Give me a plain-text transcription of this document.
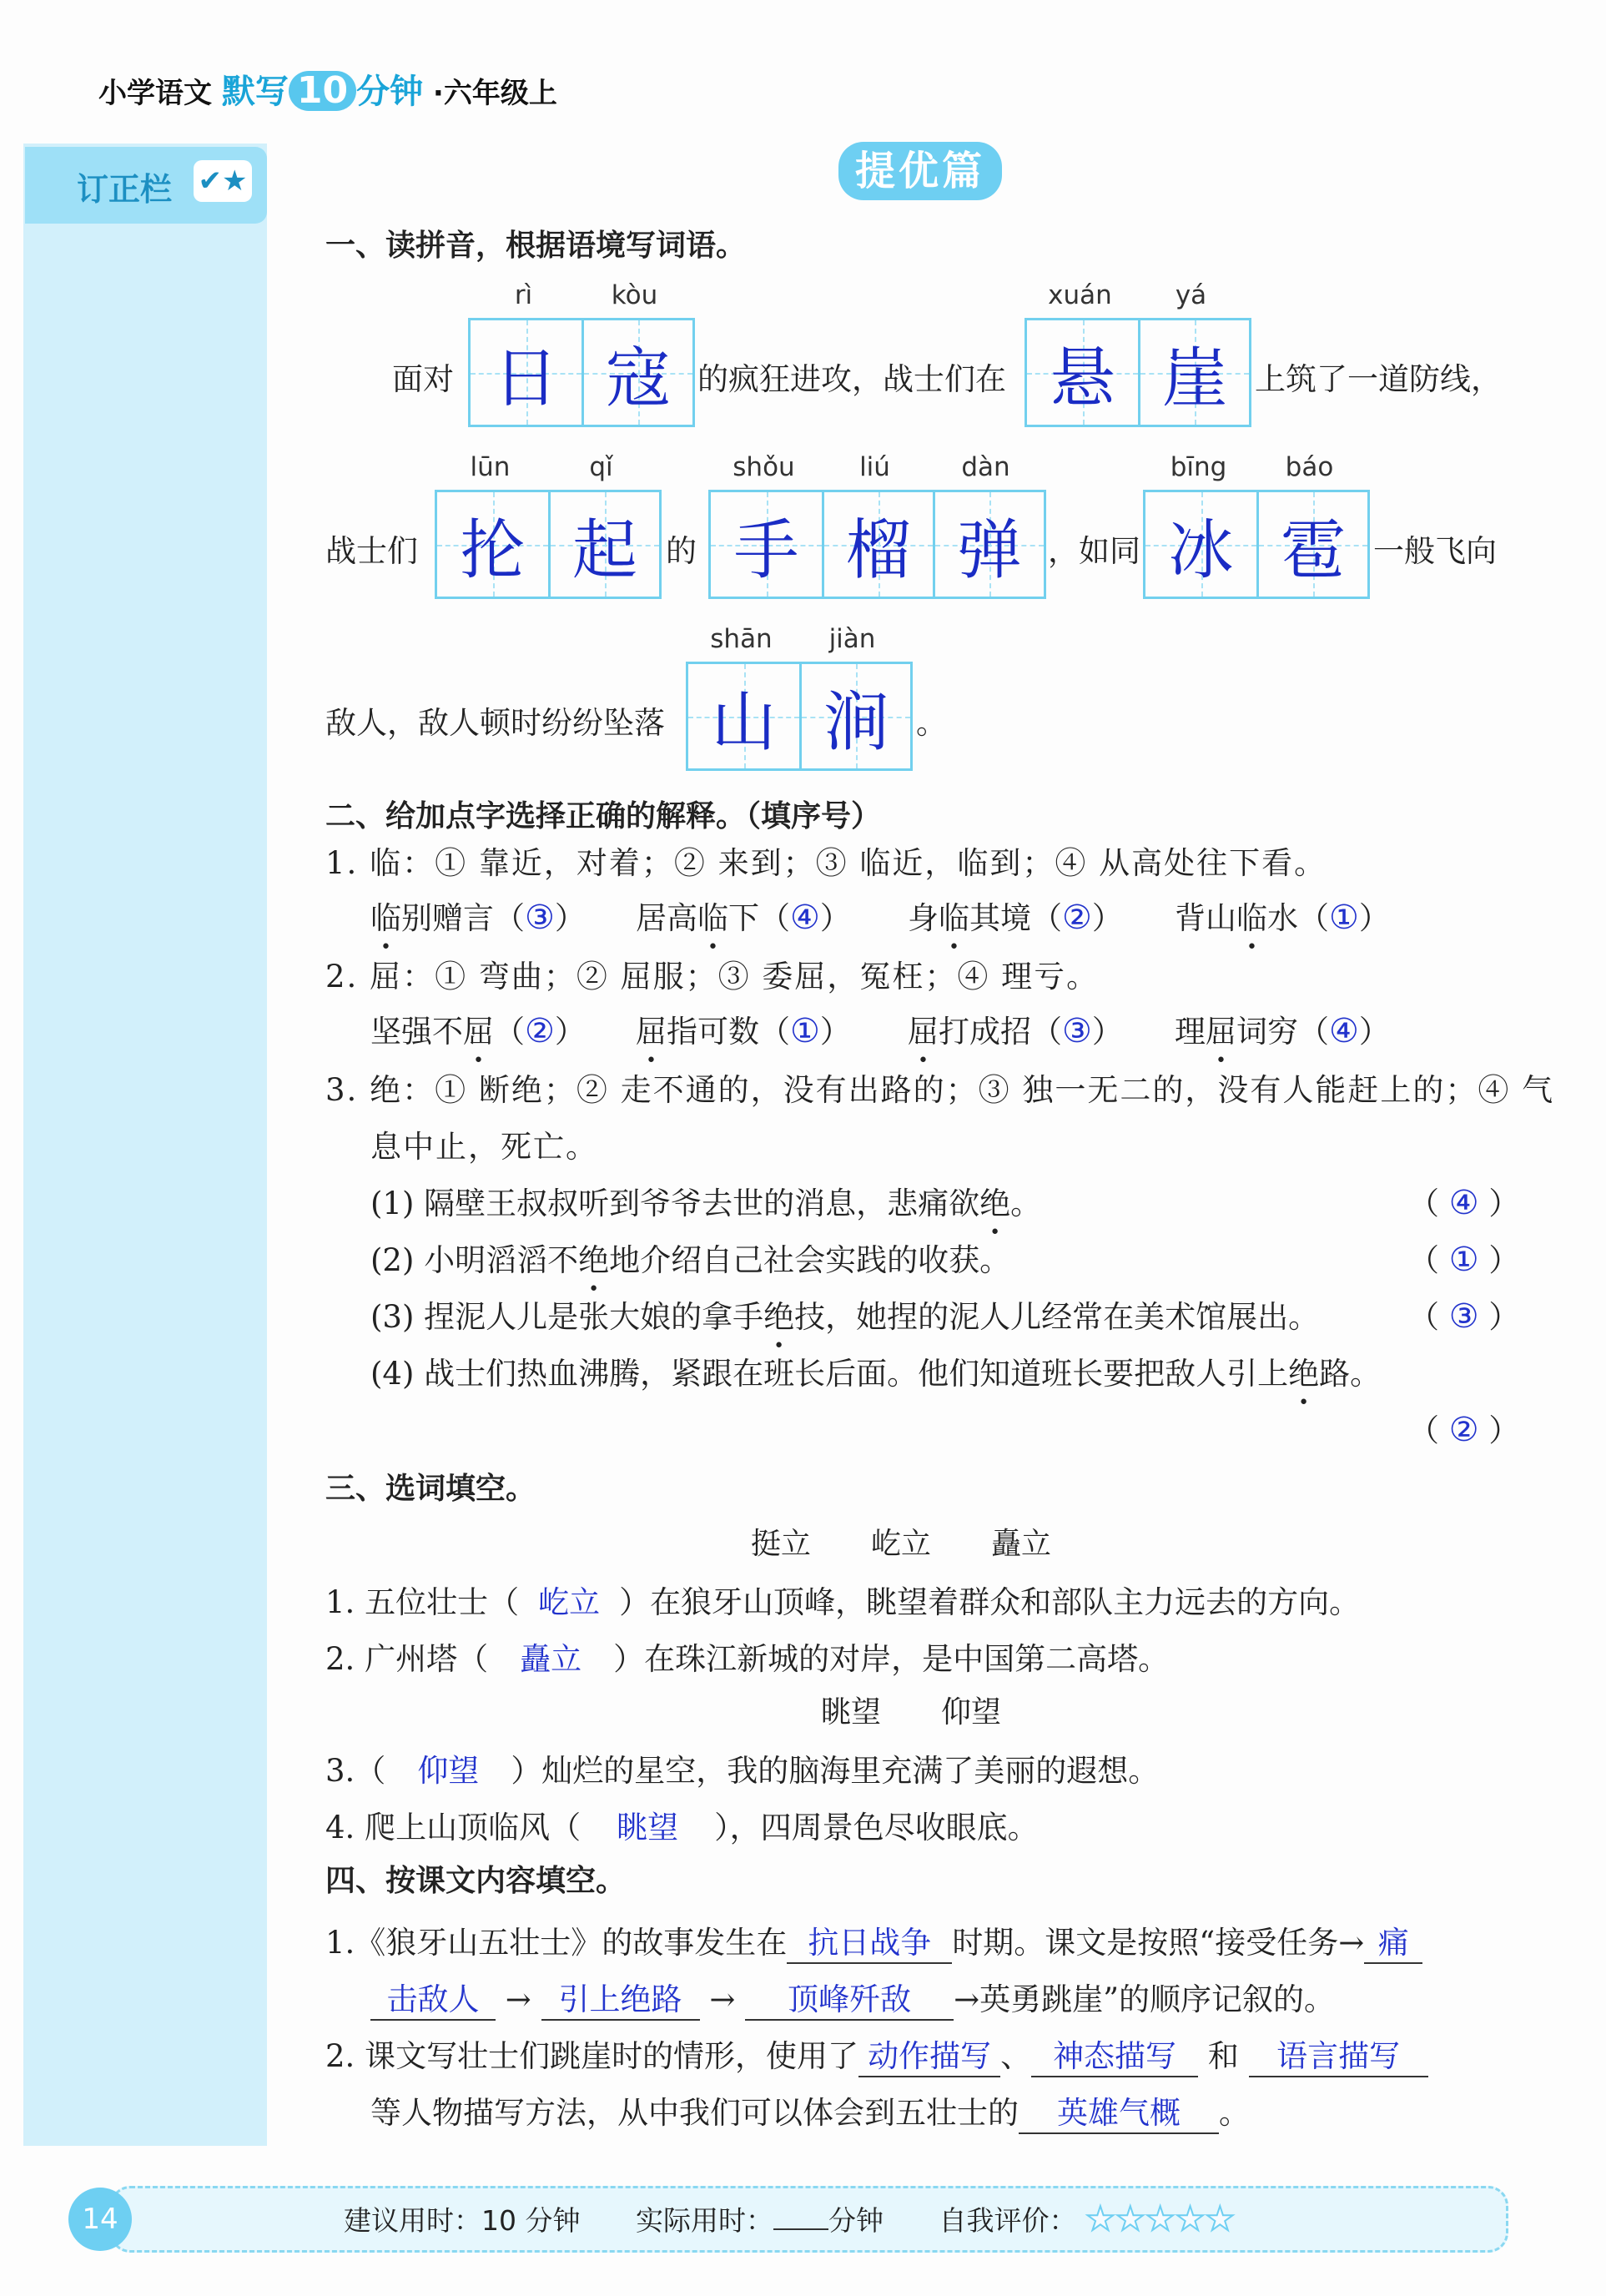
小学语文 默写 10 分钟 ·六年级上
订正栏 ✔★	提优篇
一、读拼音，根据语境写词语。
rì	kòu
面对 日 寇 的疯狂进攻，战士们在
xuán	yá
悬 崖 上筑了一道防线，
lūn	qǐ
战士们 抡 起 的
shǒu	liú	dàn
手 榴 弹 ，如同
bīng	báo
冰 雹 一般飞向
shān	jiàn
敌人，敌人顿时纷纷坠落 山 涧 。
二、给加点字选择正确的解释。（填序号）
1. 临：① 靠近，对着；② 来到；③ 临近，临到；④ 从高处往下看。
临别赠言（③） 居高临下（④） 身临其境（②） 背山临水（①）
2. 屈：① 弯曲；② 屈服；③ 委屈，冤枉；④ 理亏。
坚强不屈（②） 屈指可数（①） 屈打成招（③） 理屈词穷（④）
3. 绝：① 断绝；② 走不通的，没有出路的；③ 独一无二的，没有人能赶上的；④ 气
息中止，死亡。
(1) 隔壁王叔叔听到爷爷去世的消息，悲痛欲绝。	（ ④ ）
(2) 小明滔滔不绝地介绍自己社会实践的收获。	（ ① ）
(3) 捏泥人儿是张大娘的拿手绝技，她捏的泥人儿经常在美术馆展出。	（ ③ ）
(4) 战士们热血沸腾，紧跟在班长后面。他们知道班长要把敌人引上绝路。
（ ② ）
三、选词填空。
挺立　　屹立　　矗立
1. 五位壮士（ 屹立 ）在狼牙山顶峰，眺望着群众和部队主力远去的方向。
2. 广州塔（ 矗立 ）在珠江新城的对岸，是中国第二高塔。
眺望　　仰望
3.（ 仰望 ）灿烂的星空，我的脑海里充满了美丽的遐想。
4. 爬上山顶临风（ 眺望 ），四周景色尽收眼底。
四、按课文内容填空。
1.《狼牙山五壮士》的故事发生在 抗日战争 时期。课文是按照“接受任务→ 痛
击敌人 → 引上绝路 → 顶峰歼敌 →英勇跳崖”的顺序记叙的。
2. 课文写壮士们跳崖时的情形，使用了 动作描写 、 神态描写 和 语言描写
等人物描写方法，从中我们可以体会到五壮士的 英雄气概 。
14	建议用时：10 分钟 实际用时： 分钟 自我评价： ★★★★★
